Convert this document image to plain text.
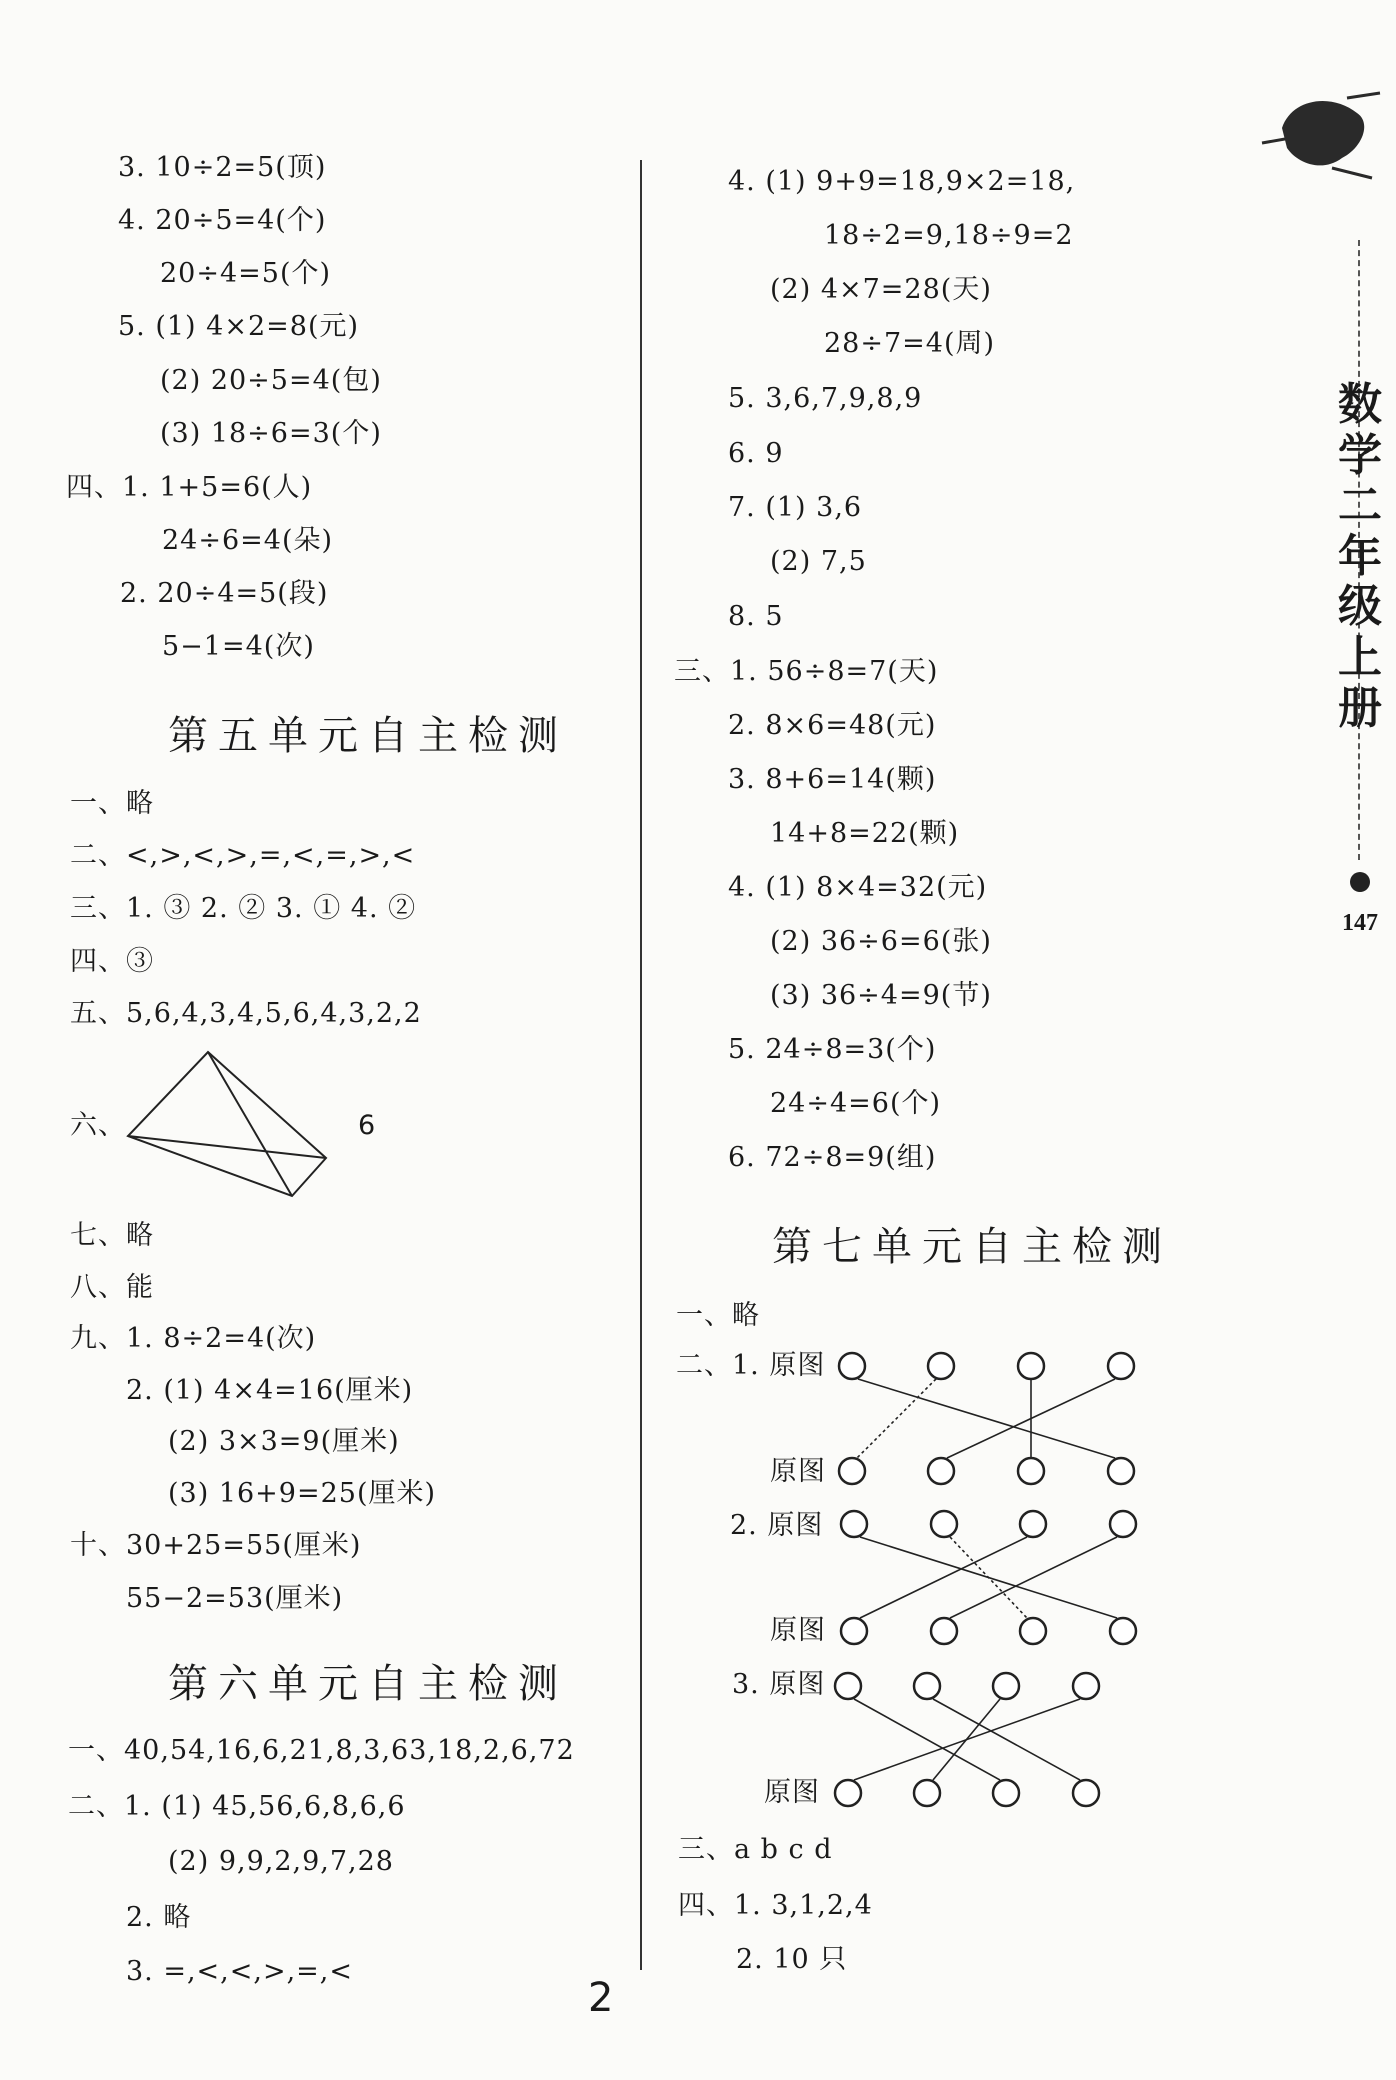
数学二年级上册
147
3. 10÷2=5(顶)
4. 20÷5=4(个)
20÷4=5(个)
5. (1) 4×2=8(元)
(2) 20÷5=4(包)
(3) 18÷6=3(个)
四、1. 1+5=6(人)
24÷6=4(朵)
2. 20÷4=5(段)
5−1=4(次)
第五单元自主检测
一、略
二、<,>,<,>,=,<,=,>,<
三、1. ③ 2. ② 3. ① 4. ②
四、③
五、5,6,4,3,4,5,6,4,3,2,2
六、	6
七、略
八、能
九、1. 8÷2=4(次)
2. (1) 4×4=16(厘米)
(2) 3×3=9(厘米)
(3) 16+9=25(厘米)
十、30+25=55(厘米)
55−2=53(厘米)
第六单元自主检测
一、40,54,16,6,21,8,3,63,18,2,6,72
二、1. (1) 45,56,6,8,6,6
(2) 9,9,2,9,7,28
2. 略
3. =,<,<,>,=,<
4. (1) 9+9=18,9×2=18,
18÷2=9,18÷9=2
(2) 4×7=28(天)
28÷7=4(周)
5. 3,6,7,9,8,9
6. 9
7. (1) 3,6
(2) 7,5
8. 5
三、1. 56÷8=7(天)
2. 8×6=48(元)
3. 8+6=14(颗)
14+8=22(颗)
4. (1) 8×4=32(元)
(2) 36÷6=6(张)
(3) 36÷4=9(节)
5. 24÷8=3(个)
24÷4=6(个)
6. 72÷8=9(组)
第七单元自主检测
一、略
二、1. 原图
原图
2. 原图
原图
3. 原图
原图
三、a b c d
四、1. 3,1,2,4
2. 10 只
2
